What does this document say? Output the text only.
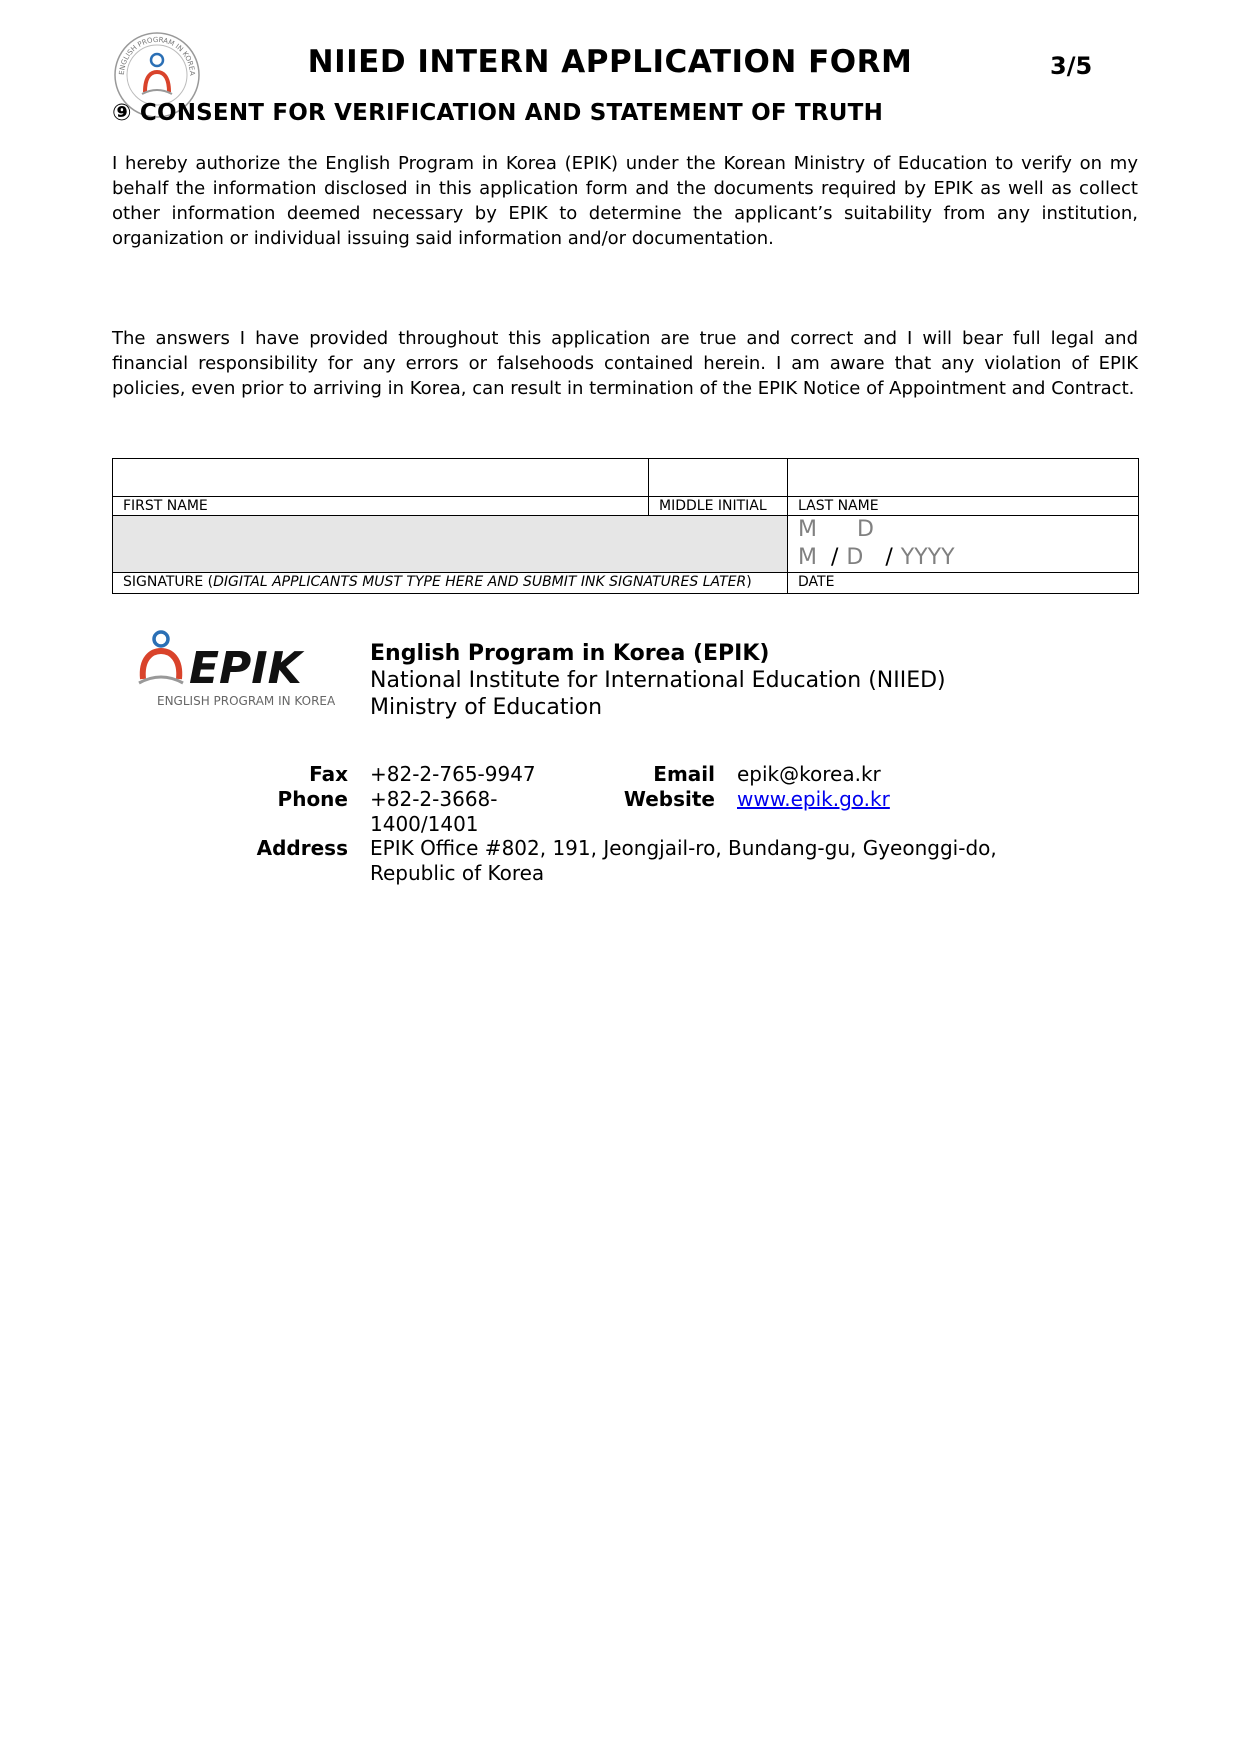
ENGLISH PROGRAM IN KOREA	NIIED INTERN APPLICATION FORM	3/5
⑨ CONSENT FOR VERIFICATION AND STATEMENT OF TRUTH

I hereby authorize the English Program in Korea (EPIK) under the Korean Ministry of Education to verify on my behalf the information disclosed in this application form and the documents required by EPIK as well as collect other information deemed necessary by EPIK to determine the applicant’s suitability from any institution, organization or individual issuing said information and/or documentation.

The answers I have provided throughout this application are true and correct and I will bear full legal and financial responsibility for any errors or falsehoods contained herein. I am aware that any violation of EPIK policies, even prior to arriving in Korea, can result in termination of the EPIK Notice of Appointment and Contract.

FIRST NAME	MIDDLE INITIAL	LAST NAME

		M D
M / D / YYYY

SIGNATURE (DIGITAL APPLICANTS MUST TYPE HERE AND SUBMIT INK SIGNATURES LATER)		DATE
EPIK
ENGLISH PROGRAM IN KOREA
English Program in Korea (EPIK)
National Institute for International Education (NIIED)
Ministry of Education
Fax +82-2-765-9947
Phone +82-2-3668-
1400/1401
Email epik@korea.kr
Website www.epik.go.kr
Address EPIK Office #802, 191, Jeongjail-ro, Bundang-gu, Gyeonggi-do,
Republic of Korea
